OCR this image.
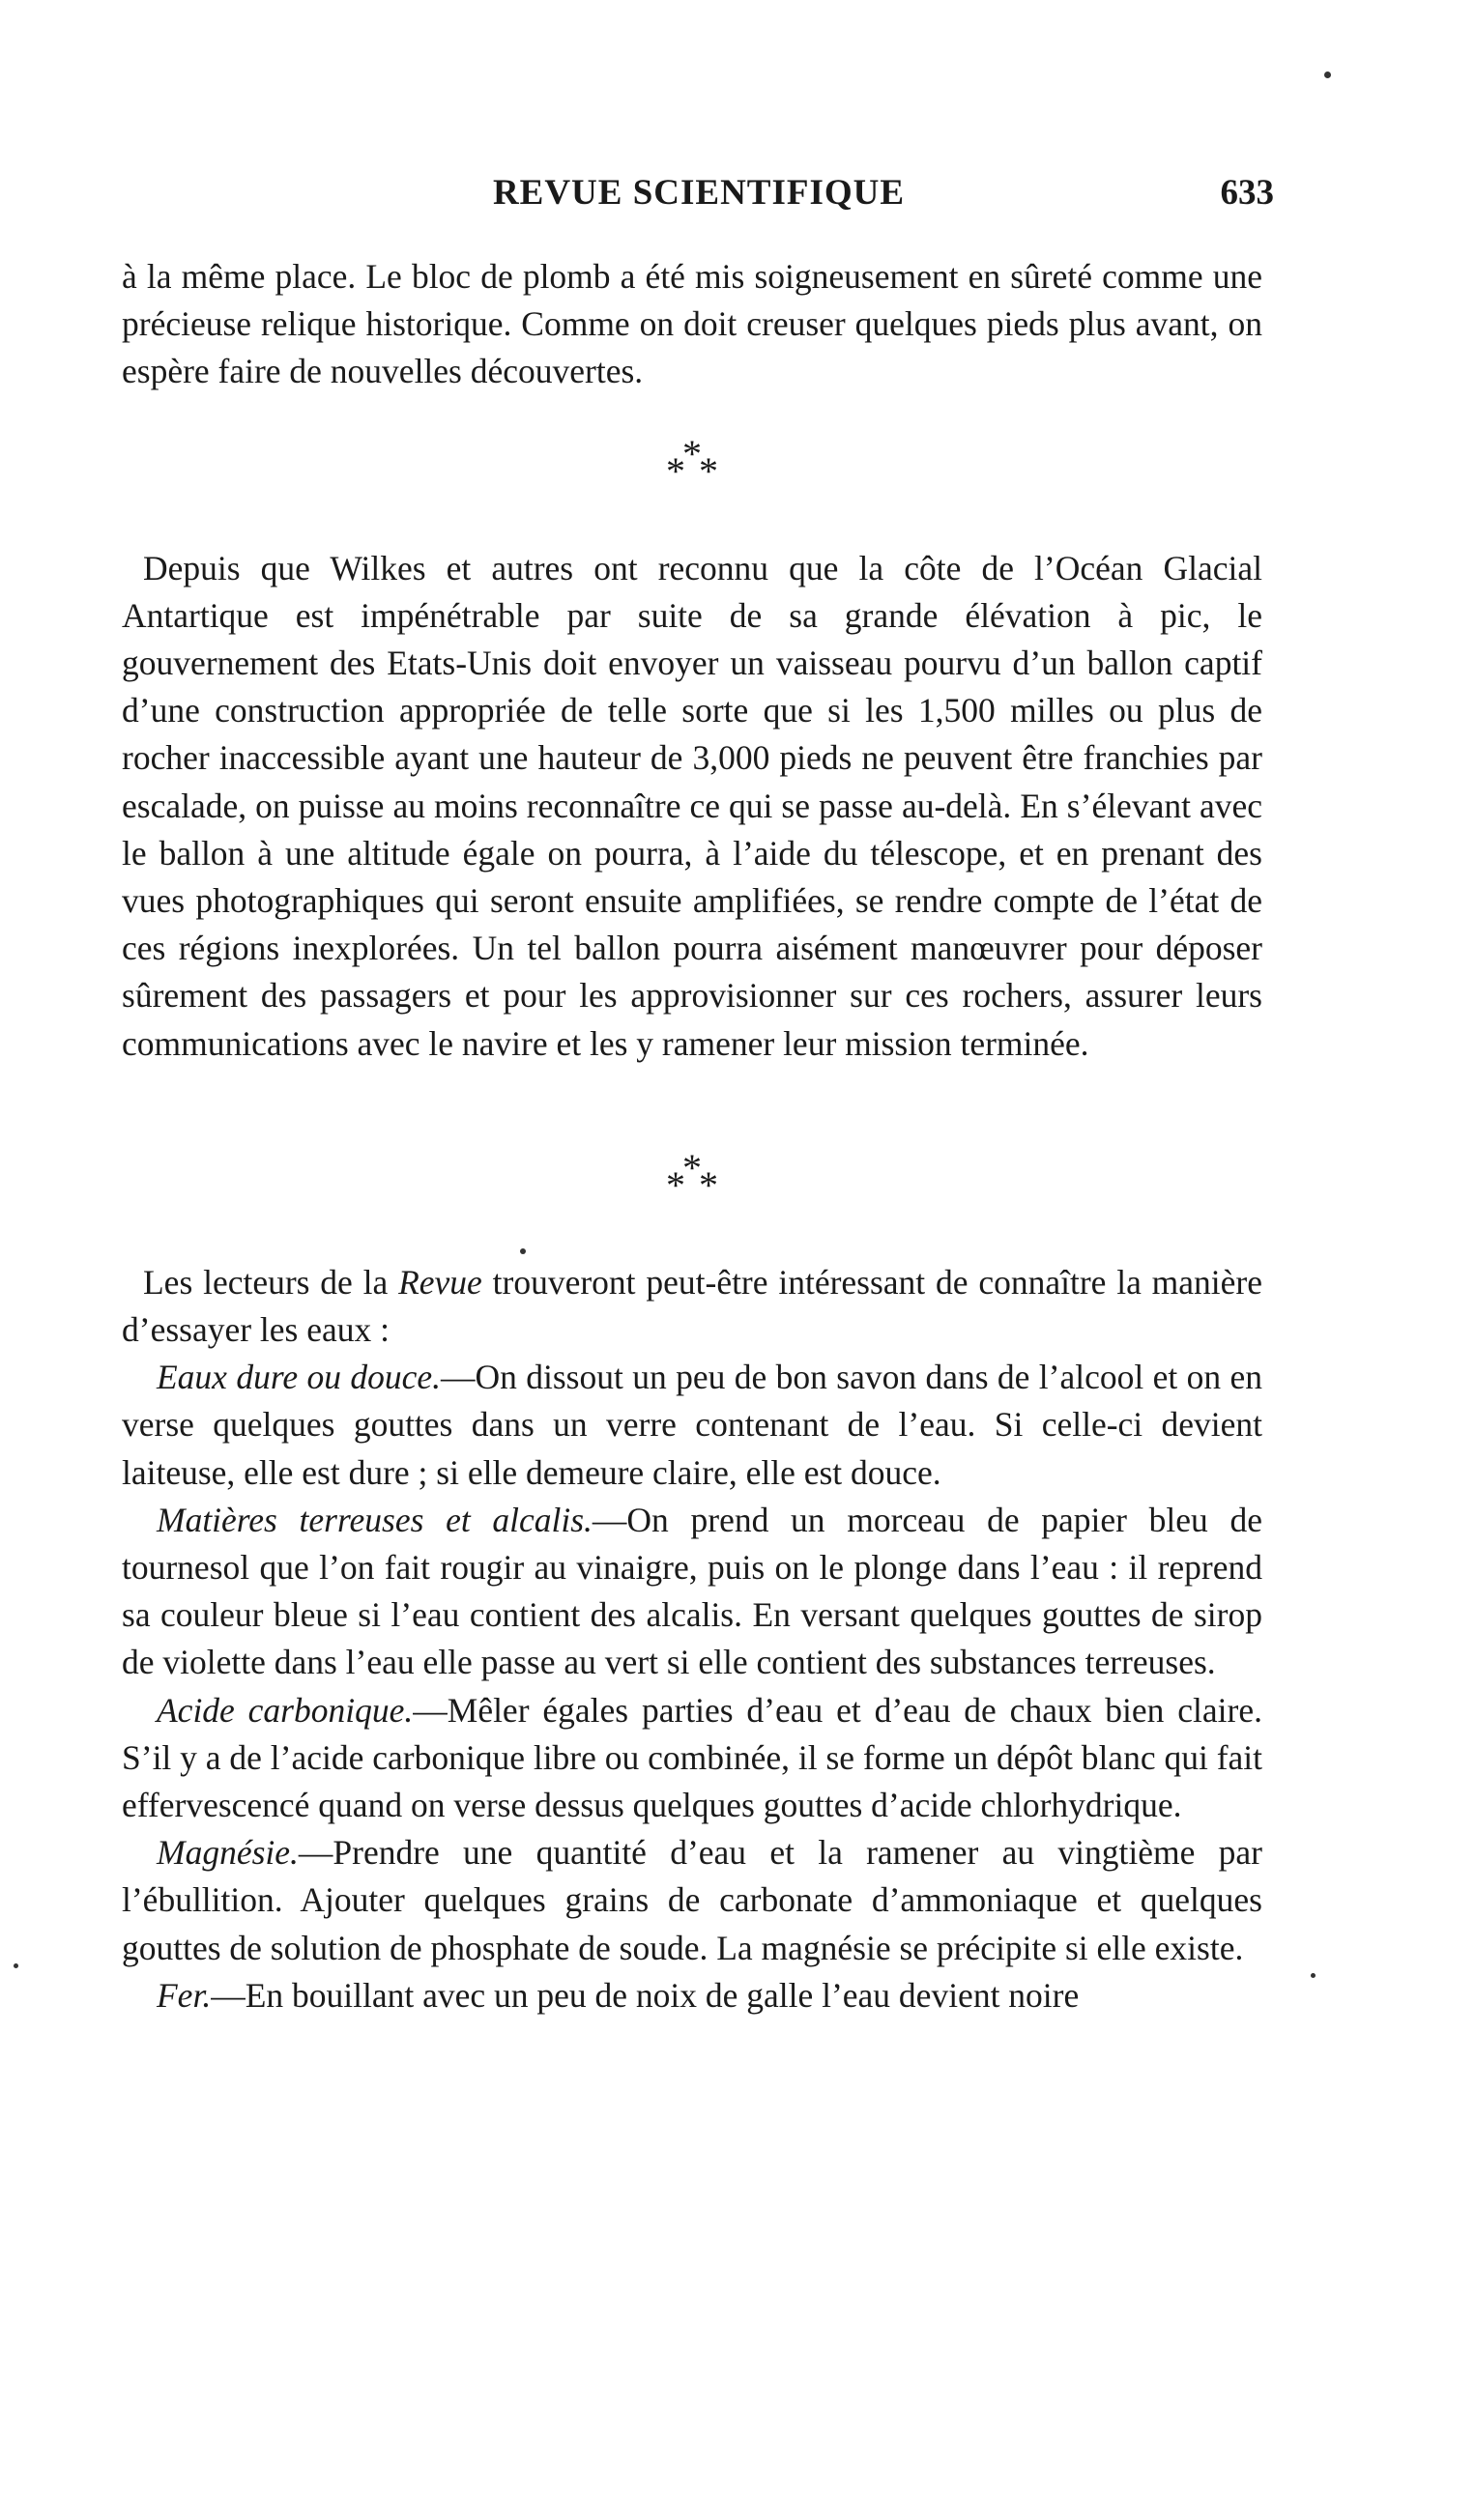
REVUE SCIENTIFIQUE	633

à la même place. Le bloc de plomb a été mis soigneusement en sûreté comme une précieuse relique historique. Comme on doit creuser quelques pieds plus avant, on espère faire de nouvelles découvertes.

*
*
*

Depuis que Wilkes et autres ont reconnu que la côte de l’Océan Glacial Antartique est impénétrable par suite de sa grande élévation à pic, le gouvernement des Etats-Unis doit envoyer un vaisseau pourvu d’un ballon captif d’une construction appropriée de telle sorte que si les 1,500 milles ou plus de rocher inaccessible ayant une hauteur de 3,000 pieds ne peuvent être franchies par escalade, on puisse au moins reconnaître ce qui se passe au-delà. En s’élevant avec le ballon à une altitude égale on pourra, à l’aide du télescope, et en prenant des vues photographiques qui seront ensuite amplifiées, se rendre compte de l’état de ces régions inexplorées. Un tel ballon pourra aisément manœuvrer pour déposer sûrement des passagers et pour les approvisionner sur ces rochers, assurer leurs communications avec le navire et les y ramener leur mission terminée.

*
*
*

Les lecteurs de la Revue trouveront peut-être intéressant de connaître la manière d’essayer les eaux :

Eaux dure ou douce.—On dissout un peu de bon savon dans de l’alcool et on en verse quelques gouttes dans un verre contenant de l’eau. Si celle-ci devient laiteuse, elle est dure ; si elle demeure claire, elle est douce.

Matières terreuses et alcalis.—On prend un morceau de papier bleu de tournesol que l’on fait rougir au vinaigre, puis on le plonge dans l’eau : il reprend sa couleur bleue si l’eau contient des alcalis. En versant quelques gouttes de sirop de violette dans l’eau elle passe au vert si elle contient des substances terreuses.

Acide carbonique.—Mêler égales parties d’eau et d’eau de chaux bien claire. S’il y a de l’acide carbonique libre ou combinée, il se forme un dépôt blanc qui fait effervescencé quand on verse dessus quelques gouttes d’acide chlorhydrique.

Magnésie.—Prendre une quantité d’eau et la ramener au vingtième par l’ébullition. Ajouter quelques grains de carbonate d’ammoniaque et quelques gouttes de solution de phosphate de soude. La magnésie se précipite si elle existe.

Fer.—En bouillant avec un peu de noix de galle l’eau devient noire
